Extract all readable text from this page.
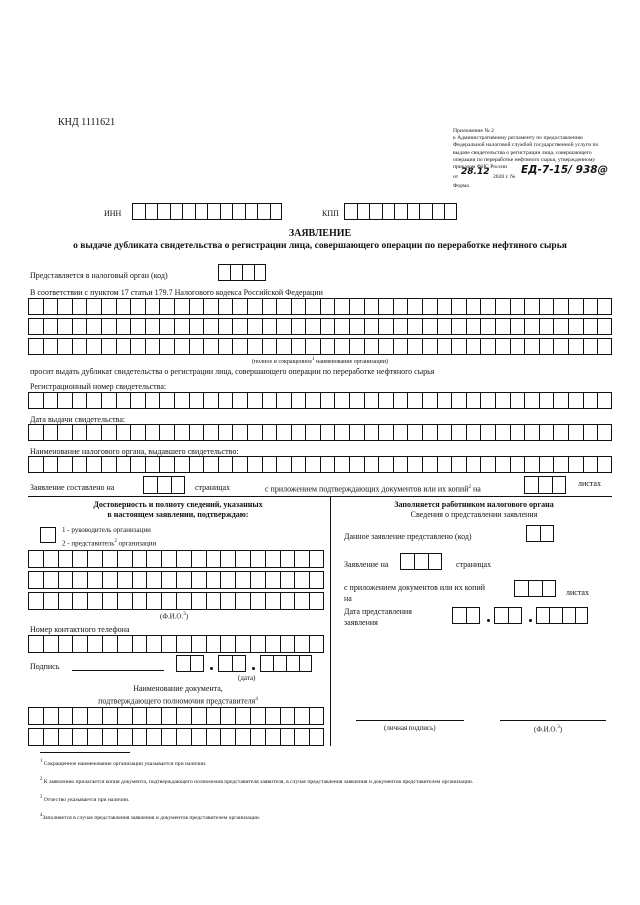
КНД 1111621
Приложение № 2
к Административному регламенту по предоставлению
Федеральной налоговой службой государственной услуги по
выдаче свидетельства о регистрации лица, совершающего
операции по переработке нефтяного сырья, утвержденному
приказом ФНС России
от 28.12 2020 г. №
ЕД-7-15/ 938@
Форма
ИНН	КПП
ЗАЯВЛЕНИЕ
о выдаче дубликата свидетельства о регистрации лица, совершающего операции по переработке нефтяного сырья
Представляется в налоговый орган (код)
В соответствии с пунктом 17 статьи 179.7 Налогового кодекса Российской Федерации
(полное и сокращенное$^1$ наименование организации)
просит выдать дубликат свидетельства о регистрации лица, совершающего операции по переработке нефтяного сырья
Регистрационный номер свидетельства:
Дата выдачи свидетельства:
Наименование налогового органа, выдавшего свидетельство:
Заявление составлено на	страницах	с приложением подтверждающих документов или их копий$^2$ на
листах
Достоверность и полноту сведений, указанных
в настоящем заявлении, подтверждаю:
1 - руководитель организации
2 - представитель$^2$ организации
(Ф.И.О.$^3$)
Номер контактного телефона
Подпись
(дата)
Наименование документа,
подтверждающего полномочия представителя$^4$
Заполняется работником налогового органа
Сведения о представлении заявления
Данное заявление представлено (код)
Заявление на	страницах
с приложением документов или их копий
на
листах
Дата представления
заявления
(личная подпись)	(Ф.И.О.$^3$)
$^1$ Сокращенное наименование организации указывается при наличии.
$^2$ К заявлению прилагается копия документа, подтверждающего полномочия представителя заявителя, в случае представления заявления и документов представителем организации.
$^3$ Отчество указывается при наличии.
$^4$Заполняется в случае представления заявления и документов представителем организации.
